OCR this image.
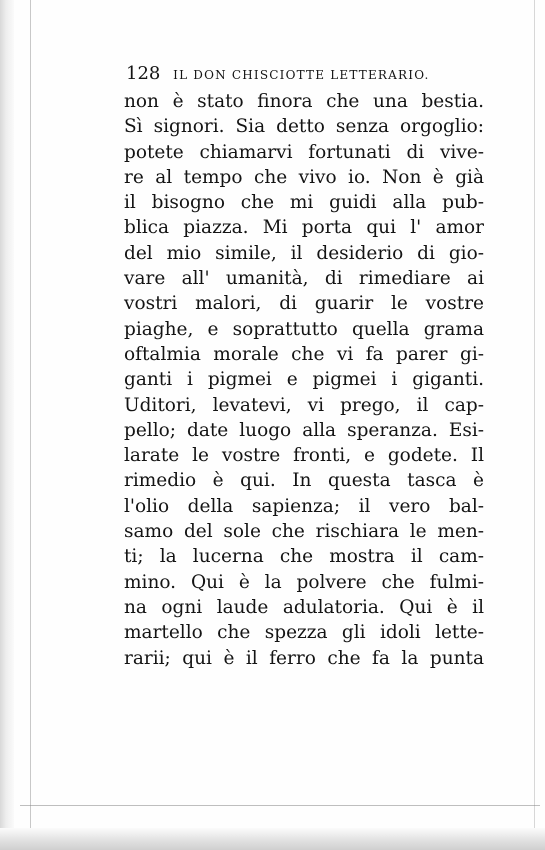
128 IL DON CHISCIOTTE LETTERARIO.
non è stato finora che una bestia.
Sì signori. Sia detto senza orgoglio:
potete chiamarvi fortunati di vive-
re al tempo che vivo io. Non è già
il bisogno che mi guidi alla pub-
blica piazza. Mi porta qui l' amor
del mio simile, il desiderio di gio-
vare all' umanità, di rimediare ai
vostri malori, di guarir le vostre
piaghe, e soprattutto quella grama
oftalmia morale che vi fa parer gi-
ganti i pigmei e pigmei i giganti.
Uditori, levatevi, vi prego, il cap-
pello; date luogo alla speranza. Esi-
larate le vostre fronti, e godete. Il
rimedio è qui. In questa tasca è
l'olio della sapienza; il vero bal-
samo del sole che rischiara le men-
ti; la lucerna che mostra il cam-
mino. Qui è la polvere che fulmi-
na ogni laude adulatoria. Qui è il
martello che spezza gli idoli lette-
rarii; qui è il ferro che fa la punta
